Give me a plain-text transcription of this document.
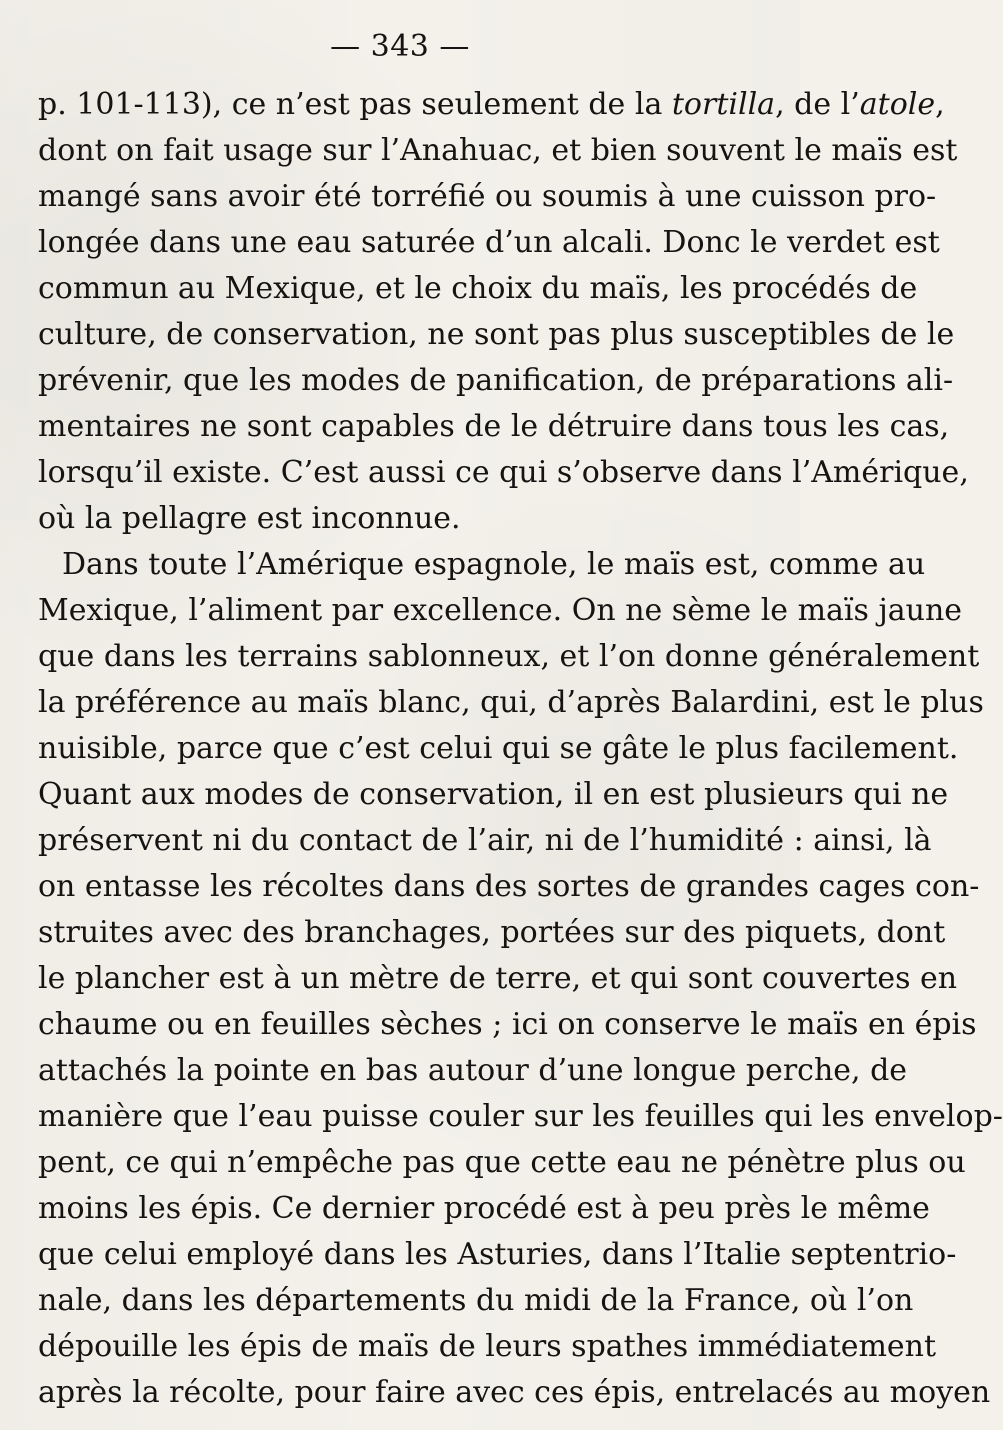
— 343 —
p. 101-113), ce n’est pas seulement de la tortilla, de l’atole,
dont on fait usage sur l’Anahuac, et bien souvent le maïs est
mangé sans avoir été torréfié ou soumis à une cuisson pro-
longée dans une eau saturée d’un alcali. Donc le verdet est
commun au Mexique, et le choix du maïs, les procédés de
culture, de conservation, ne sont pas plus susceptibles de le
prévenir, que les modes de panification, de préparations ali-
mentaires ne sont capables de le détruire dans tous les cas,
lorsqu’il existe. C’est aussi ce qui s’observe dans l’Amérique,
où la pellagre est inconnue.
Dans toute l’Amérique espagnole, le maïs est, comme au
Mexique, l’aliment par excellence. On ne sème le maïs jaune
que dans les terrains sablonneux, et l’on donne généralement
la préférence au maïs blanc, qui, d’après Balardini, est le plus
nuisible, parce que c’est celui qui se gâte le plus facilement.
Quant aux modes de conservation, il en est plusieurs qui ne
préservent ni du contact de l’air, ni de l’humidité : ainsi, là
on entasse les récoltes dans des sortes de grandes cages con-
struites avec des branchages, portées sur des piquets, dont
le plancher est à un mètre de terre, et qui sont couvertes en
chaume ou en feuilles sèches ; ici on conserve le maïs en épis
attachés la pointe en bas autour d’une longue perche, de
manière que l’eau puisse couler sur les feuilles qui les envelop-
pent, ce qui n’empêche pas que cette eau ne pénètre plus ou
moins les épis. Ce dernier procédé est à peu près le même
que celui employé dans les Asturies, dans l’Italie septentrio-
nale, dans les départements du midi de la France, où l’on
dépouille les épis de maïs de leurs spathes immédiatement
après la récolte, pour faire avec ces épis, entrelacés au moyen
